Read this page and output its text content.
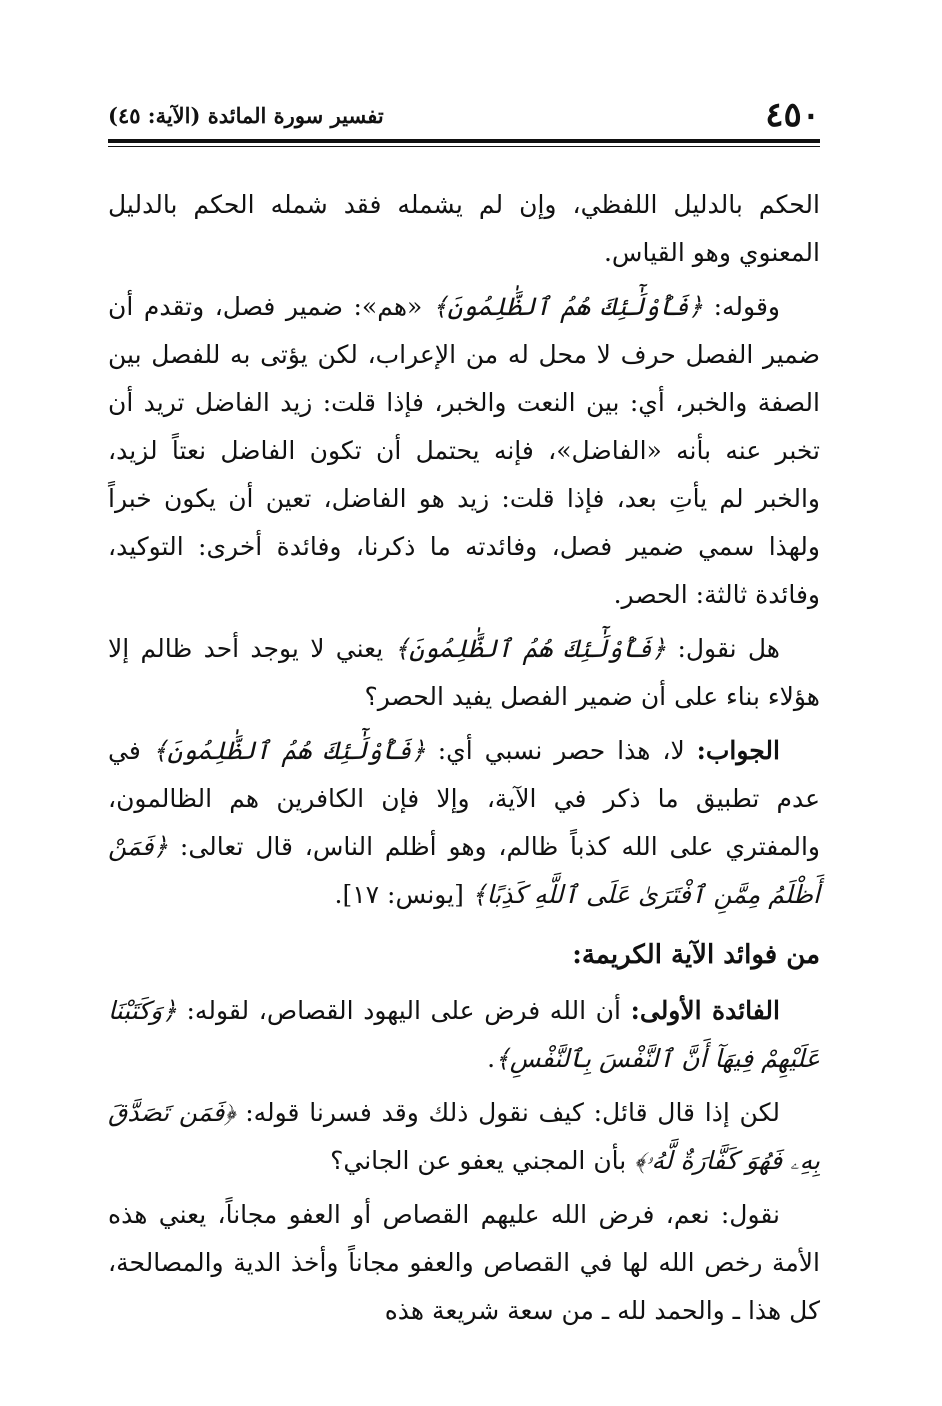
٤٥٠
تفسير سورة المائدة (الآية: ٤٥)

الحكم بالدليل اللفظي، وإن لم يشمله فقد شمله الحكم بالدليل المعنوي وهو القياس.

وقوله: ﴿فَأُوْلَٰٓئِكَ هُمُ ٱلظَّٰلِمُونَ﴾ «هم»: ضمير فصل، وتقدم أن ضمير الفصل حرف لا محل له من الإعراب، لكن يؤتى به للفصل بين الصفة والخبر، أي: بين النعت والخبر، فإذا قلت: زيد الفاضل تريد أن تخبر عنه بأنه «الفاضل»، فإنه يحتمل أن تكون الفاضل نعتاً لزيد، والخبر لم يأتِ بعد، فإذا قلت: زيد هو الفاضل، تعين أن يكون خبراً ولهذا سمي ضمير فصل، وفائدته ما ذكرنا، وفائدة أخرى: التوكيد، وفائدة ثالثة: الحصر.

هل نقول: ﴿فَأُوْلَٰٓئِكَ هُمُ ٱلظَّٰلِمُونَ﴾ يعني لا يوجد أحد ظالم إلا هؤلاء بناء على أن ضمير الفصل يفيد الحصر؟

الجواب: لا، هذا حصر نسبي أي: ﴿فَأُوْلَٰٓئِكَ هُمُ ٱلظَّٰلِمُونَ﴾ في عدم تطبيق ما ذكر في الآية، وإلا فإن الكافرين هم الظالمون، والمفتري على الله كذباً ظالم، وهو أظلم الناس، قال تعالى: ﴿فَمَنْ أَظْلَمُ مِمَّنِ ٱفْتَرَىٰ عَلَى ٱللَّهِ كَذِبًا﴾ [يونس: ١٧].

من فوائد الآية الكريمة:

الفائدة الأولى: أن الله فرض على اليهود القصاص، لقوله: ﴿وَكَتَبْنَا عَلَيْهِمْ فِيهَآ أَنَّ ٱلنَّفْسَ بِٱلنَّفْسِ﴾.

لكن إذا قال قائل: كيف نقول ذلك وقد فسرنا قوله: ﴿فَمَن تَصَدَّقَ بِهِۦ فَهُوَ كَفَّارَةٌ لَّهُۥ﴾ بأن المجني يعفو عن الجاني؟

نقول: نعم، فرض الله عليهم القصاص أو العفو مجاناً، يعني هذه الأمة رخص الله لها في القصاص والعفو مجاناً وأخذ الدية والمصالحة، كل هذا ـ والحمد لله ـ من سعة شريعة هذه
